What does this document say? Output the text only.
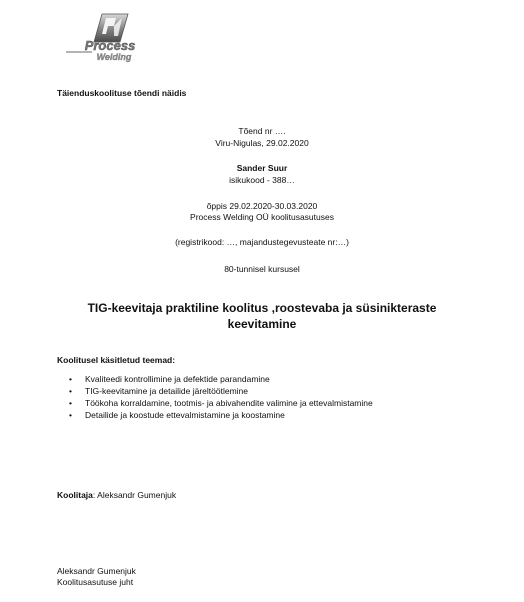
Process
Welding
Täienduskoolituse tõendi näidis
Tõend nr ….
Viru-Nigulas, 29.02.2020
Sander Suur
isikukood - 388…
õppis 29.02.2020-30.03.2020
Process Welding OÜ koolitusasutuses
(registrikood: …, majandustegevusteate nr:…)
80-tunnisel kursusel
TIG-keevitaja praktiline koolitus ,roostevaba ja süsinikteraste keevitamine
Koolitusel käsitletud teemad:
• Kvaliteedi kontrollimine ja defektide parandamine
• TIG-keevitamine ja detailide järeltöötlemine
• Töökoha korraldamine, tootmis- ja abivahendite valimine ja ettevalmistamine
• Detailide ja koostude ettevalmistamine ja koostamine
Koolitaja: Aleksandr Gumenjuk
Aleksandr Gumenjuk
Koolitusasutuse juht
